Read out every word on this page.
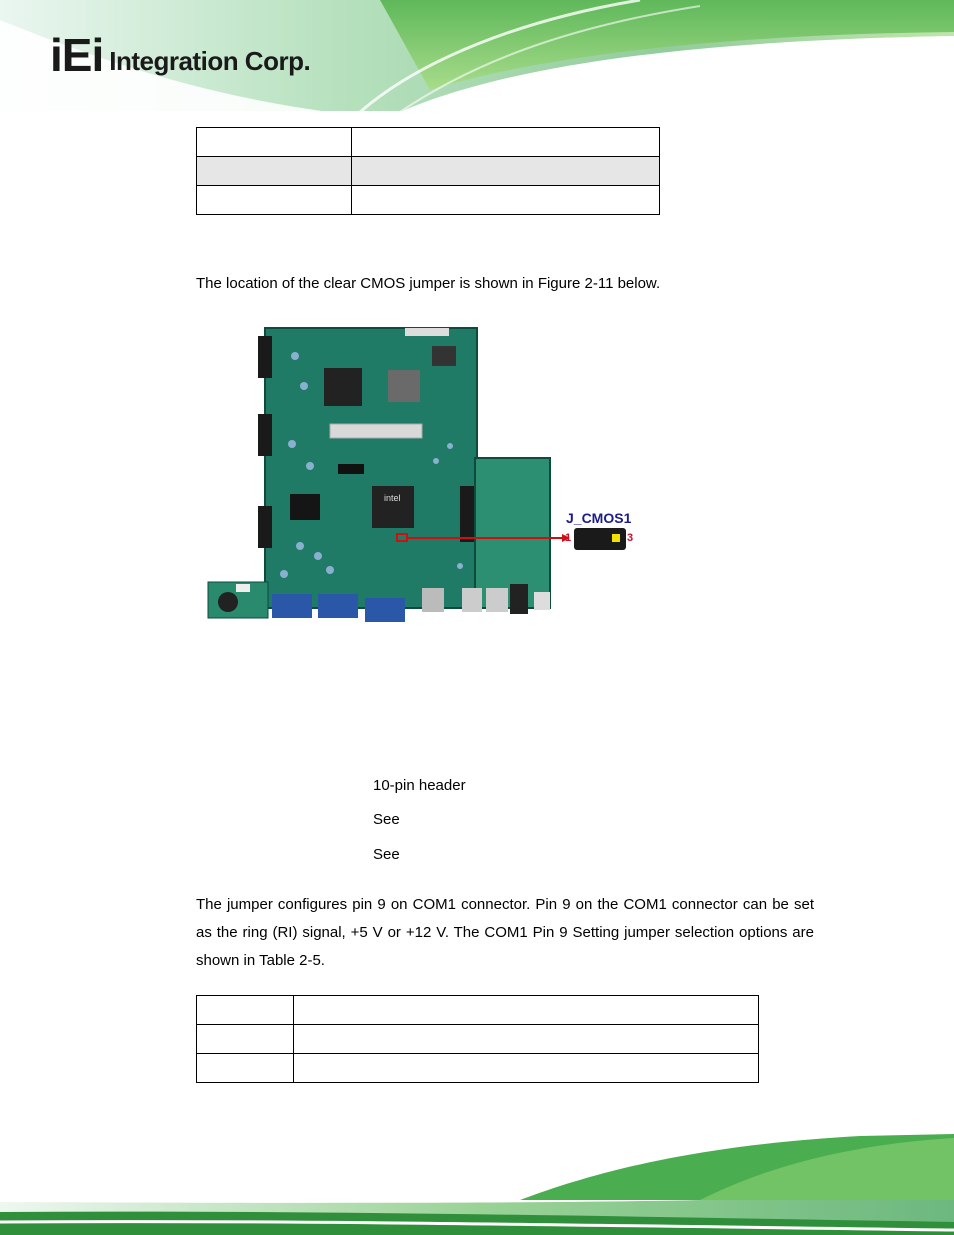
iEi Integration Corp.

The location of the clear CMOS jumper is shown in Figure 2-11 below.
intel
J_CMOS1
1	3
10-pin header
See
See
The jumper configures pin 9 on COM1 connector. Pin 9 on the COM1 connector can be set as the ring (RI) signal, +5 V or +12 V. The COM1 Pin 9 Setting jumper selection options are shown in Table 2-5.
